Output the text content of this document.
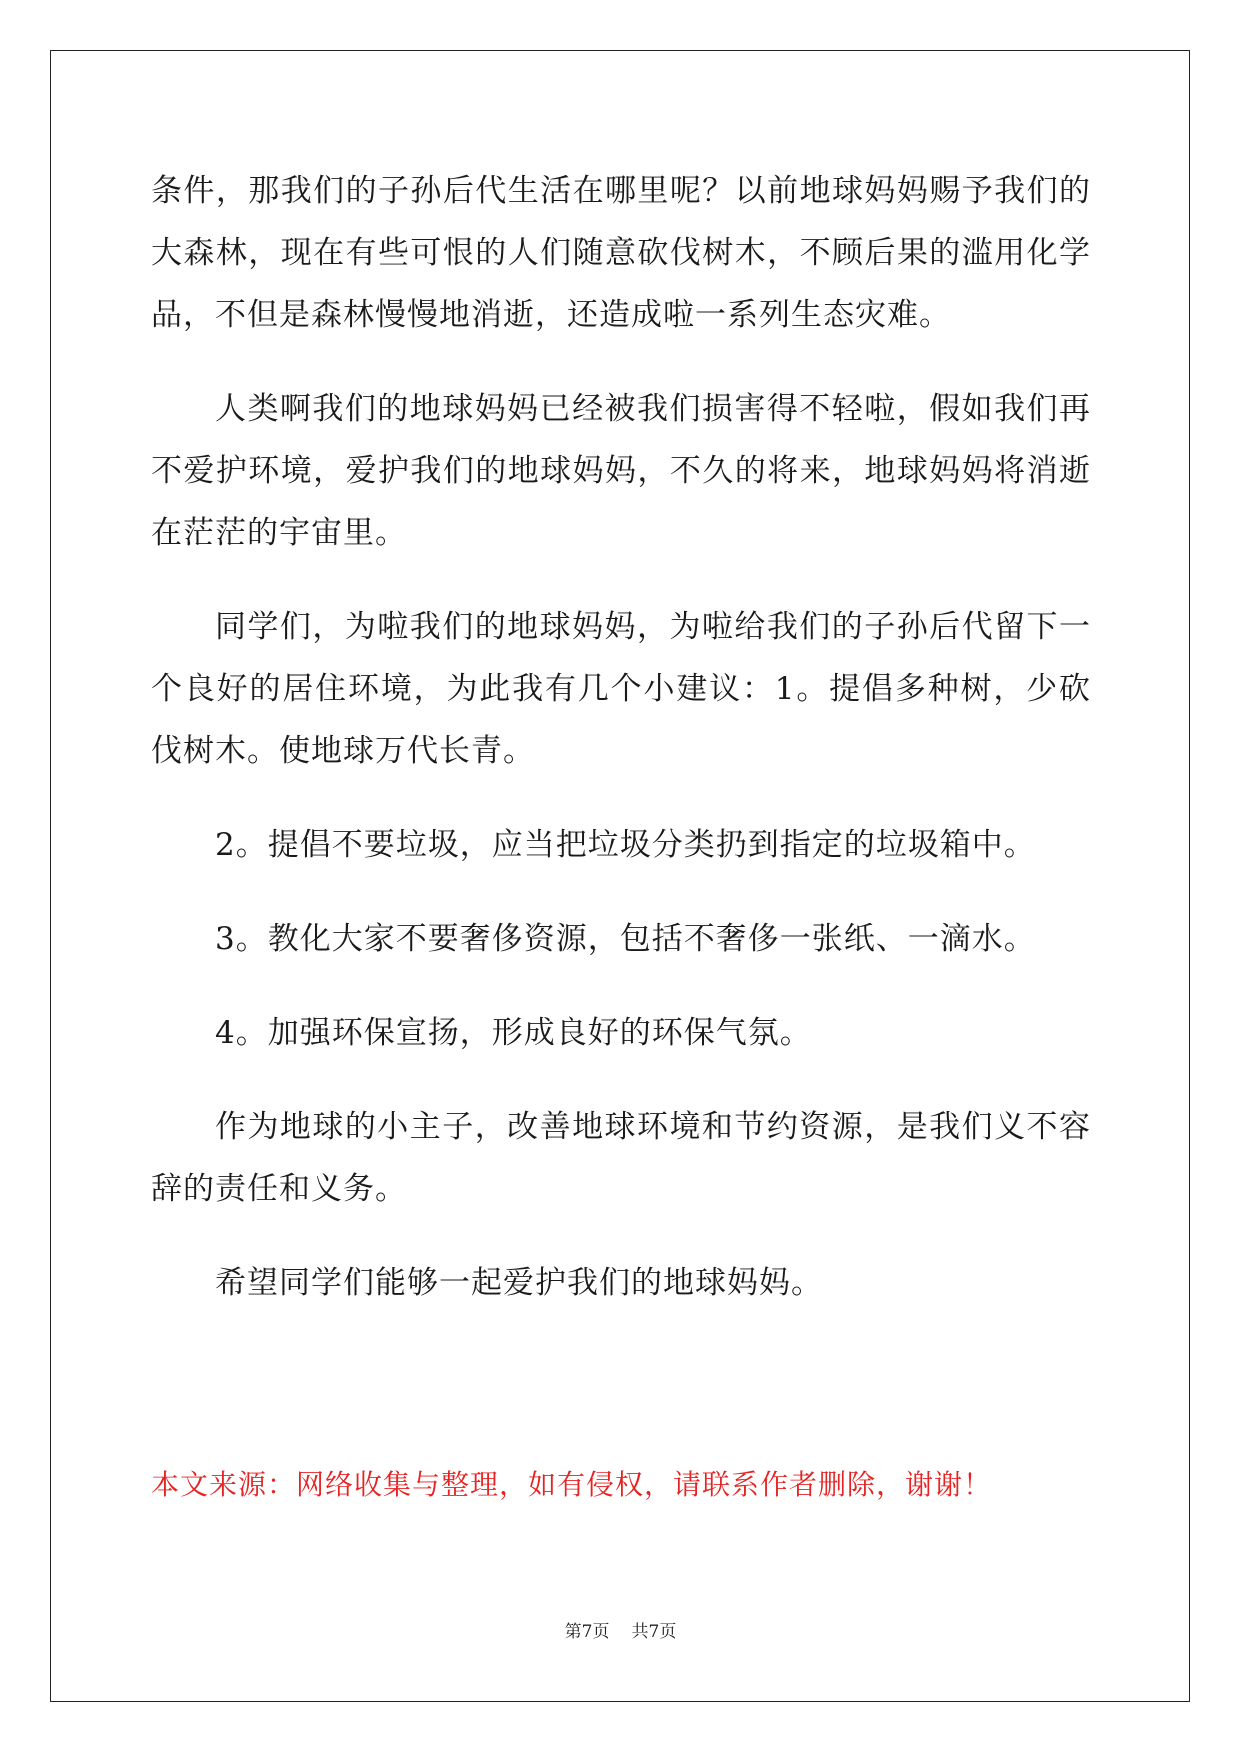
条件，那我们的子孙后代生活在哪里呢？以前地球妈妈赐予我们的大森林，现在有些可恨的人们随意砍伐树木，不顾后果的滥用化学品，不但是森林慢慢地消逝，还造成啦一系列生态灾难。

人类啊我们的地球妈妈已经被我们损害得不轻啦，假如我们再不爱护环境，爱护我们的地球妈妈，不久的将来，地球妈妈将消逝在茫茫的宇宙里。

同学们，为啦我们的地球妈妈，为啦给我们的子孙后代留下一个良好的居住环境，为此我有几个小建议：1。提倡多种树，少砍伐树木。使地球万代长青。

2。提倡不要垃圾，应当把垃圾分类扔到指定的垃圾箱中。

3。教化大家不要奢侈资源，包括不奢侈一张纸、一滴水。

4。加强环保宣扬，形成良好的环保气氛。

作为地球的小主子，改善地球环境和节约资源，是我们义不容辞的责任和义务。

希望同学们能够一起爱护我们的地球妈妈。

本文来源：网络收集与整理，如有侵权，请联系作者删除，谢谢！

第7页 共7页
